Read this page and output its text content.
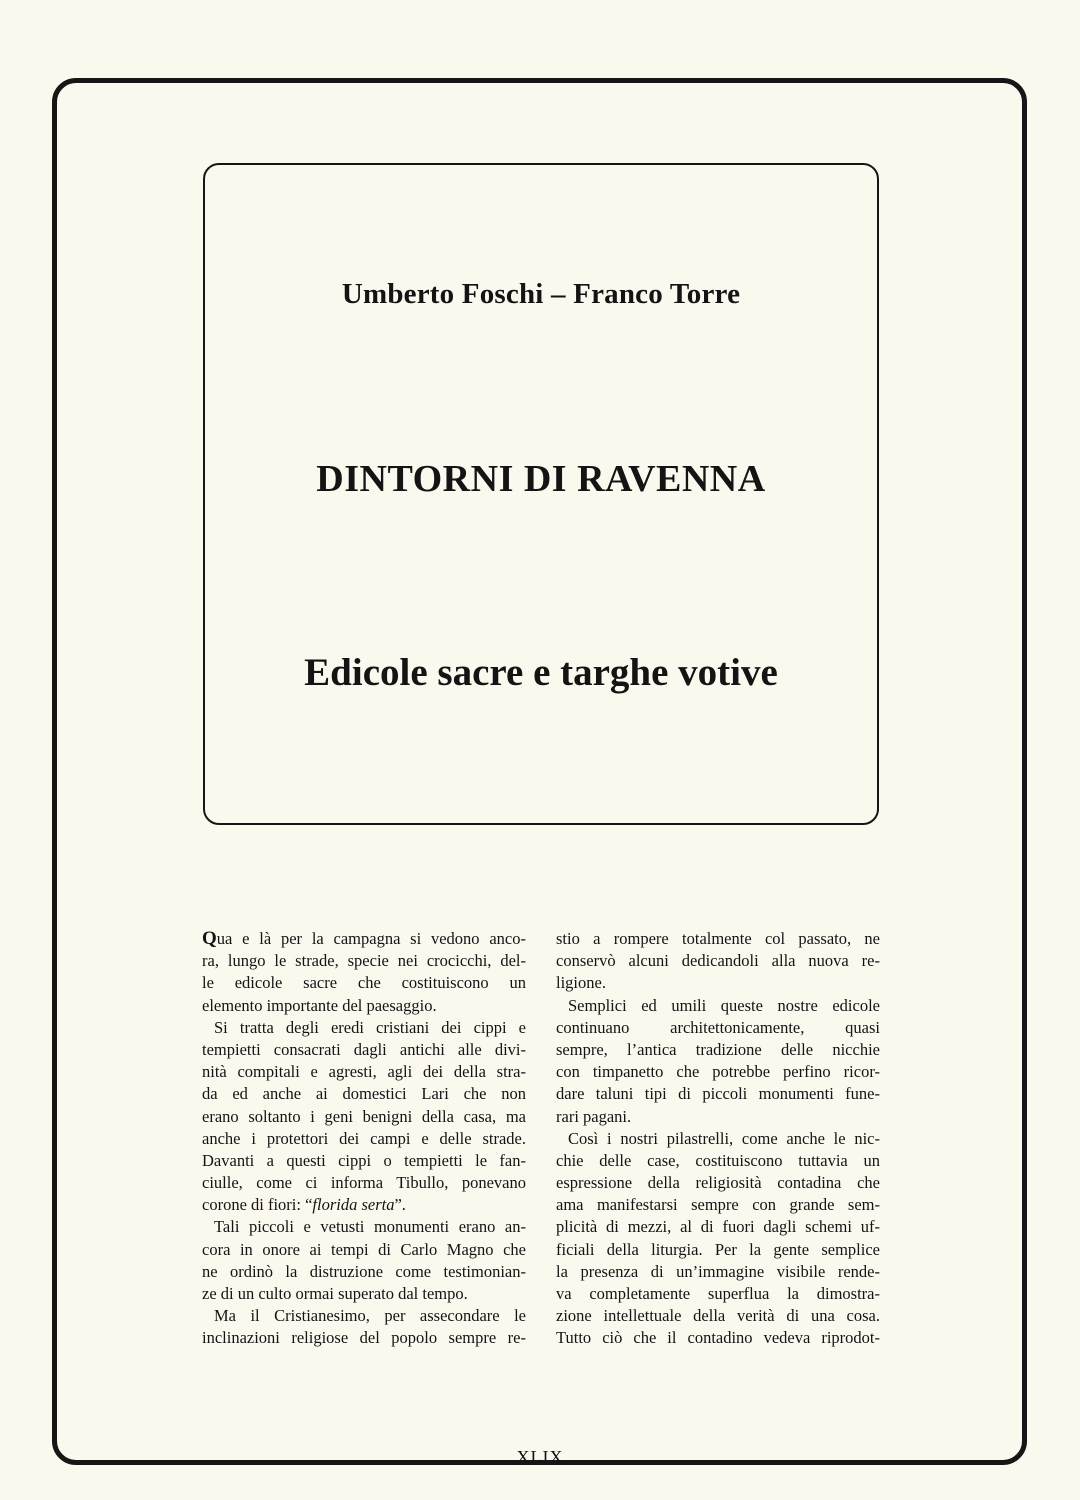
Umberto Foschi – Franco Torre
DINTORNI DI RAVENNA
Edicole sacre e targhe votive
Qua e là per la campagna si vedono anco-
ra, lungo le strade, specie nei crocicchi, del-
le edicole sacre che costituiscono un
elemento importante del paesaggio.
Si tratta degli eredi cristiani dei cippi e
tempietti consacrati dagli antichi alle divi-
nità compitali e agresti, agli dei della stra-
da ed anche ai domestici Lari che non
erano soltanto i geni benigni della casa, ma
anche i protettori dei campi e delle strade.
Davanti a questi cippi o tempietti le fan-
ciulle, come ci informa Tibullo, ponevano
corone di fiori: “florida serta”.
Tali piccoli e vetusti monumenti erano an-
cora in onore ai tempi di Carlo Magno che
ne ordinò la distruzione come testimonian-
ze di un culto ormai superato dal tempo.
Ma il Cristianesimo, per assecondare le
inclinazioni religiose del popolo sempre re-
stio a rompere totalmente col passato, ne
conservò alcuni dedicandoli alla nuova re-
ligione.
Semplici ed umili queste nostre edicole
continuano architettonicamente, quasi
sempre, l’antica tradizione delle nicchie
con timpanetto che potrebbe perfino ricor-
dare taluni tipi di piccoli monumenti fune-
rari pagani.
Così i nostri pilastrelli, come anche le nic-
chie delle case, costituiscono tuttavia un
espressione della religiosità contadina che
ama manifestarsi sempre con grande sem-
plicità di mezzi, al di fuori dagli schemi uf-
ficiali della liturgia. Per la gente semplice
la presenza di un’immagine visibile rende-
va completamente superflua la dimostra-
zione intellettuale della verità di una cosa.
Tutto ciò che il contadino vedeva riprodot-
XLIX
